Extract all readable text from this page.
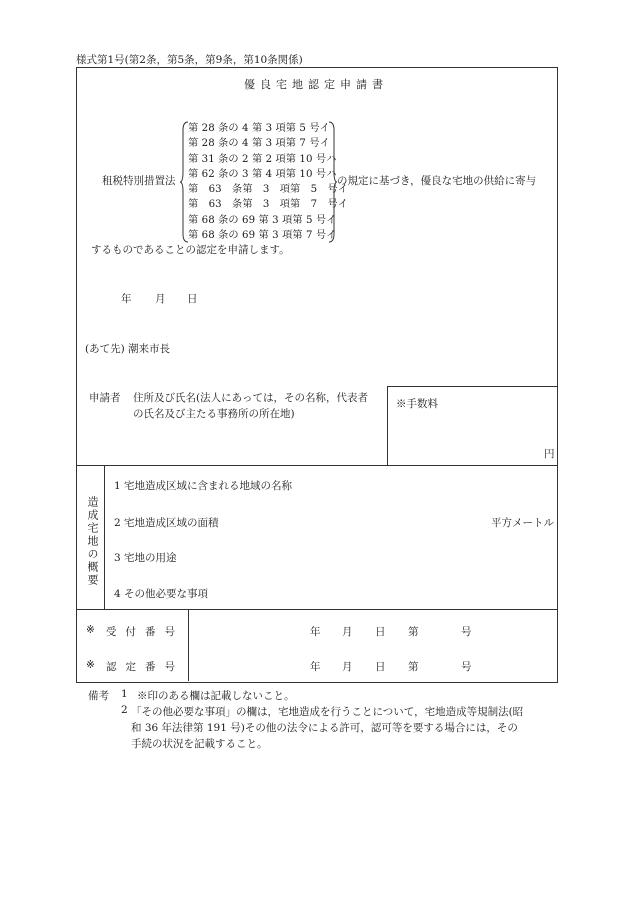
様式第1号(第2条，第5条，第9条，第10条関係)
優良宅地認定申請書
租税特別措置法
第 28 条の 4 第 3 項第 5 号イ
第 28 条の 4 第 3 項第 7 号イ
第 31 条の 2 第 2 項第 10 号ハ
第 62 条の 3 第 4 項第 10 号ハ
第　63　条第　3　項第　5　号イ
第　63　条第　3　項第　7　号イ
第 68 条の 69 第 3 項第 5 号イ
第 68 条の 69 第 3 項第 7 号イ
の規定に基づき，優良な宅地の供給に寄与
するものであることの認定を申請します。
年 月 日
(あて先) 潮来市長
申請者 住所及び氏名(法人にあっては，その名称，代表者
の氏名及び主たる事務所の所在地)
※手数料
円
造成宅地の概要
1 宅地造成区域に含まれる地域の名称
2 宅地造成区域の面積	平方メートル
3 宅地の用途
4 その他必要な事項
※ 受付番号	年 月 日 第	号
※ 認定番号	年 月 日 第	号
備考 1 ※印のある欄は記載しないこと。
2 「その他必要な事項」の欄は，宅地造成を行うことについて，宅地造成等規制法(昭
和 36 年法律第 191 号)その他の法令による許可，認可等を要する場合には，その
手続の状況を記載すること。
